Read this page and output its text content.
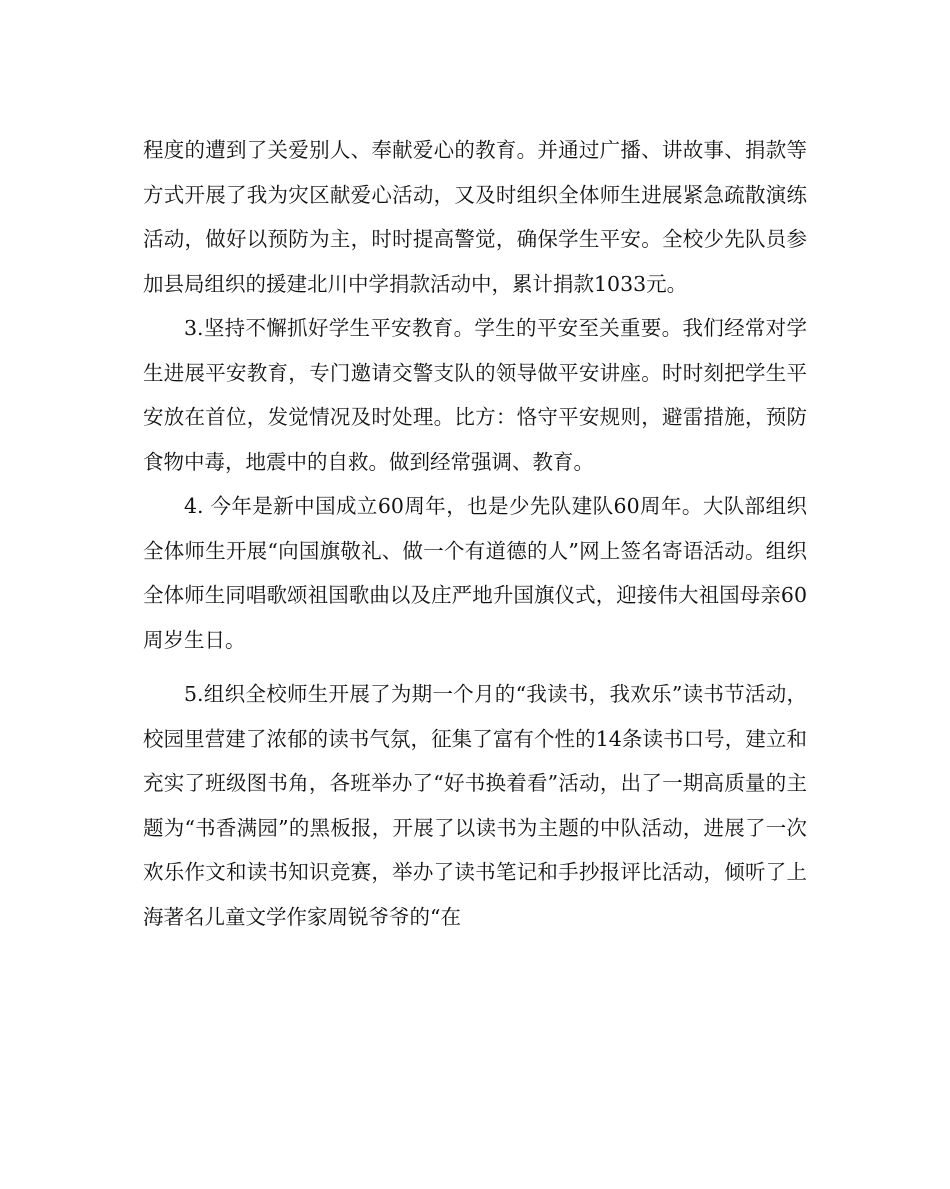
程度的遭到了关爱别人、奉献爱心的教育。并通过广播、讲故事、捐款等方式开展了我为灾区献爱心活动，又及时组织全体师生进展紧急疏散演练活动，做好以预防为主，时时提高警觉，确保学生平安。全校少先队员参加县局组织的援建北川中学捐款活动中，累计捐款1033元。

3.坚持不懈抓好学生平安教育。学生的平安至关重要。我们经常对学生进展平安教育，专门邀请交警支队的领导做平安讲座。时时刻把学生平安放在首位，发觉情况及时处理。比方：恪守平安规则，避雷措施，预防食物中毒，地震中的自救。做到经常强调、教育。

4. 今年是新中国成立60周年，也是少先队建队60周年。大队部组织全体师生开展“向国旗敬礼、做一个有道德的人”网上签名寄语活动。组织全体师生同唱歌颂祖国歌曲以及庄严地升国旗仪式，迎接伟大祖国母亲60周岁生日。

5.组织全校师生开展了为期一个月的“我读书，我欢乐”读书节活动，校园里营建了浓郁的读书气氛，征集了富有个性的14条读书口号，建立和充实了班级图书角，各班举办了“好书换着看”活动，出了一期高质量的主题为“书香满园”的黑板报，开展了以读书为主题的中队活动，进展了一次欢乐作文和读书知识竞赛，举办了读书笔记和手抄报评比活动，倾听了上海著名儿童文学作家周锐爷爷的“在
